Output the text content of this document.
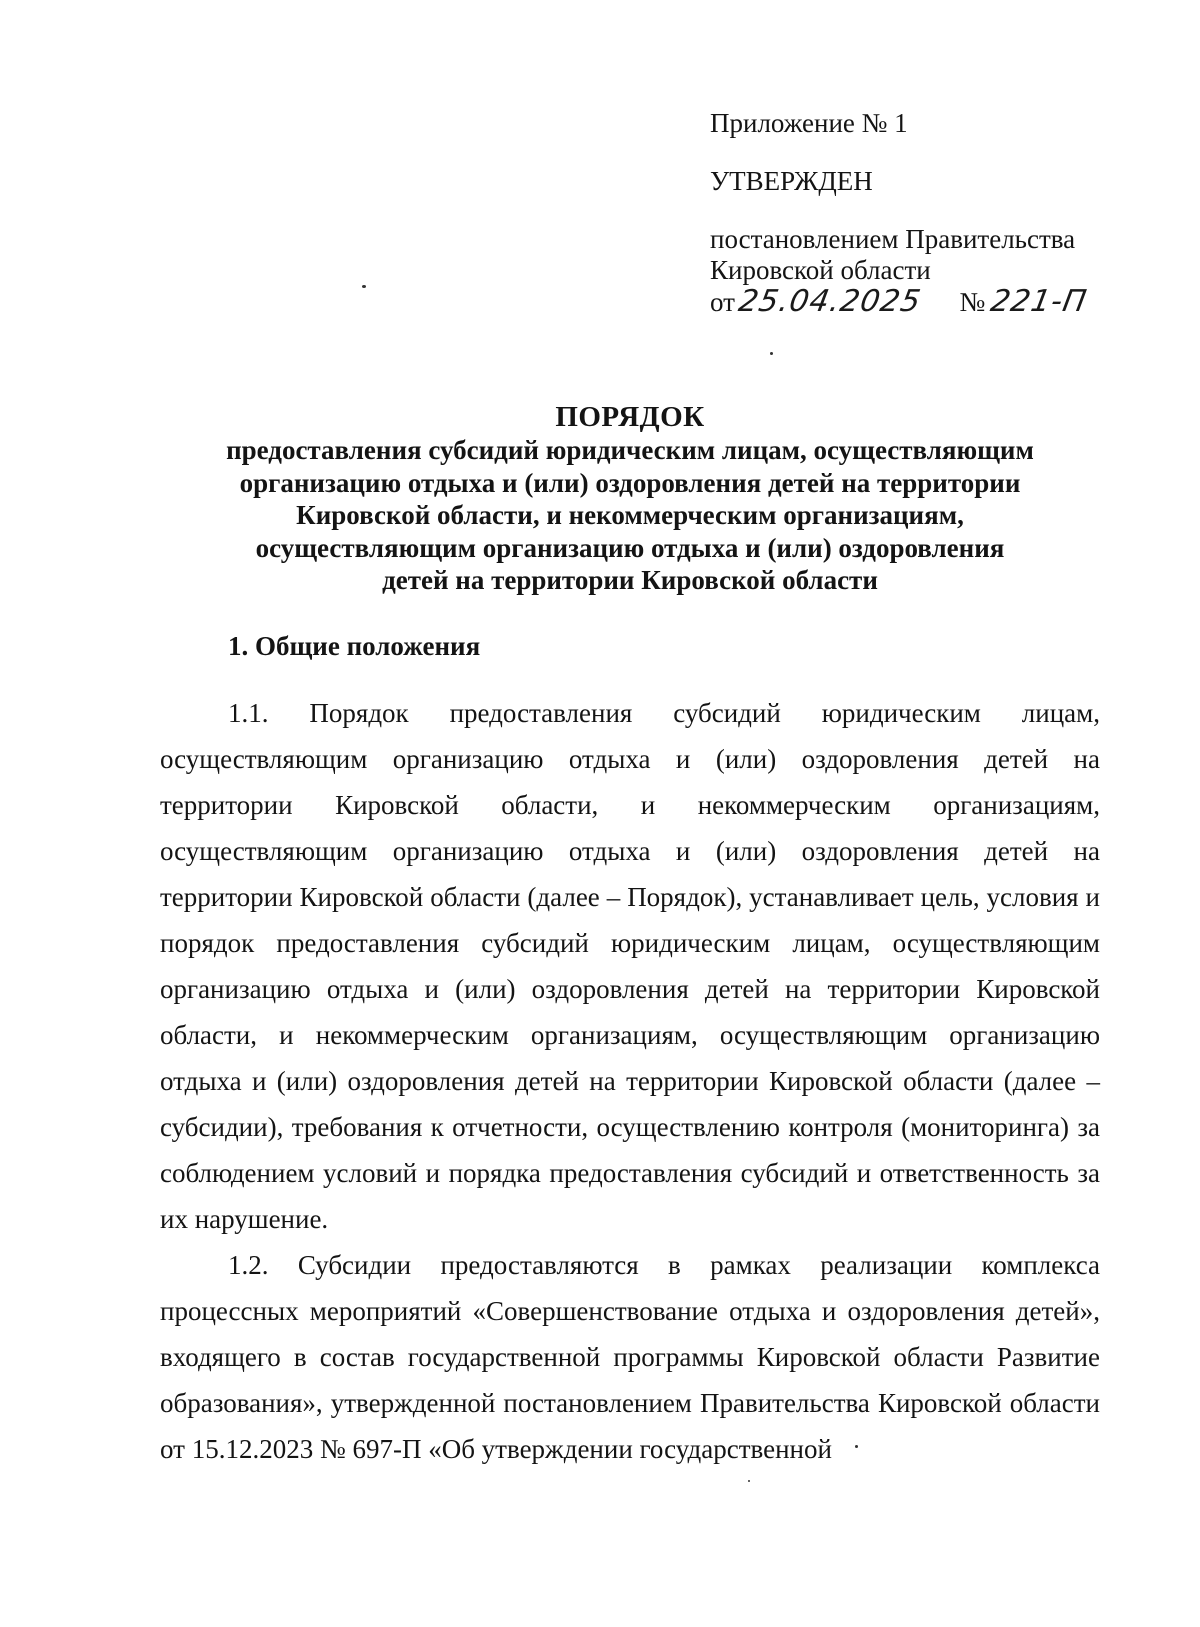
Приложение № 1
УТВЕРЖДЕН
постановлением Правительства
Кировской области
от25.04.2025 №221-П
ПОРЯДОК
предоставления субсидий юридическим лицам, осуществляющим
организацию отдыха и (или) оздоровления детей на территории
Кировской области, и некоммерческим организациям,
осуществляющим организацию отдыха и (или) оздоровления
детей на территории Кировской области
1. Общие положения

1.1. Порядок предоставления субсидий юридическим лицам, осуществляющим организацию отдыха и (или) оздоровления детей на территории Кировской области, и некоммерческим организациям, осуществляющим организацию отдыха и (или) оздоровления детей на территории Кировской области (далее – Порядок), устанавливает цель, условия и порядок предоставления субсидий юридическим лицам, осуществляющим организацию отдыха и (или) оздоровления детей на территории Кировской области, и некоммерческим организациям, осуществляющим организацию отдыха и (или) оздоровления детей на территории Кировской области (далее – субсидии), требования к отчетности, осуществлению контроля (мониторинга) за соблюдением условий и порядка предоставления субсидий и ответственность за их нарушение.

1.2. Субсидии предоставляются в рамках реализации комплекса процессных мероприятий «Совершенствование отдыха и оздоровления детей», входящего в состав государственной программы Кировской области Развитие образования», утвержденной постановлением Правительства Кировской области от 15.12.2023 № 697-П «Об утверждении государственной
